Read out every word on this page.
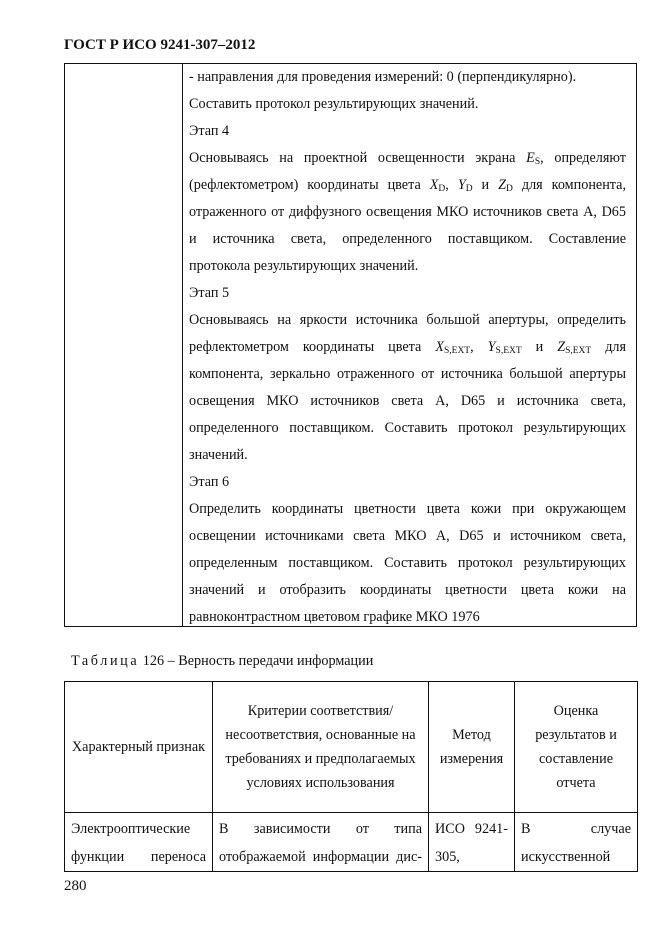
ГОСТ Р ИСО 9241-307–2012
- направления для проведения измерений: 0 (перпендикулярно).
Составить протокол результирующих значений.
Этап 4
Основываясь на проектной освещенности экрана $E_S$, определяют (рефлектометром) координаты цвета $X_D$, $Y_D$ и $Z_D$ для компонента, отраженного от диффузного освещения МКО источников света A, D65 и источника света, определенного поставщиком. Составление протокола результирующих значений.
Этап 5
Основываясь на яркости источника большой апертуры, определить рефлектометром координаты цвета $X_{S,EXT}$, $Y_{S,EXT}$ и $Z_{S,EXT}$ для компонента, зеркально отраженного от источника большой апертуры освещения МКО источников света A, D65 и источника света, определенного поставщиком. Составить протокол результирующих значений.
Этап 6
Определить координаты цветности цвета кожи при окружающем освещении источниками света МКО A, D65 и источником света, определенным поставщиком. Составить протокол результирующих значений и отобразить координаты цветности цвета кожи на равноконтрастном цветовом графике МКО 1976
Таблица 126 – Верность передачи информации
Характерный признак	Критерии соответствия/несоответствия, основанные на требованиях и предполагаемых условиях использования	Метод измерения	Оценка результатов и составление отчета
Электрооптические функции переноса	В зависимости от типа отображаемой информации дис-	ИСО 9241-305,	В случае искусственной
280
